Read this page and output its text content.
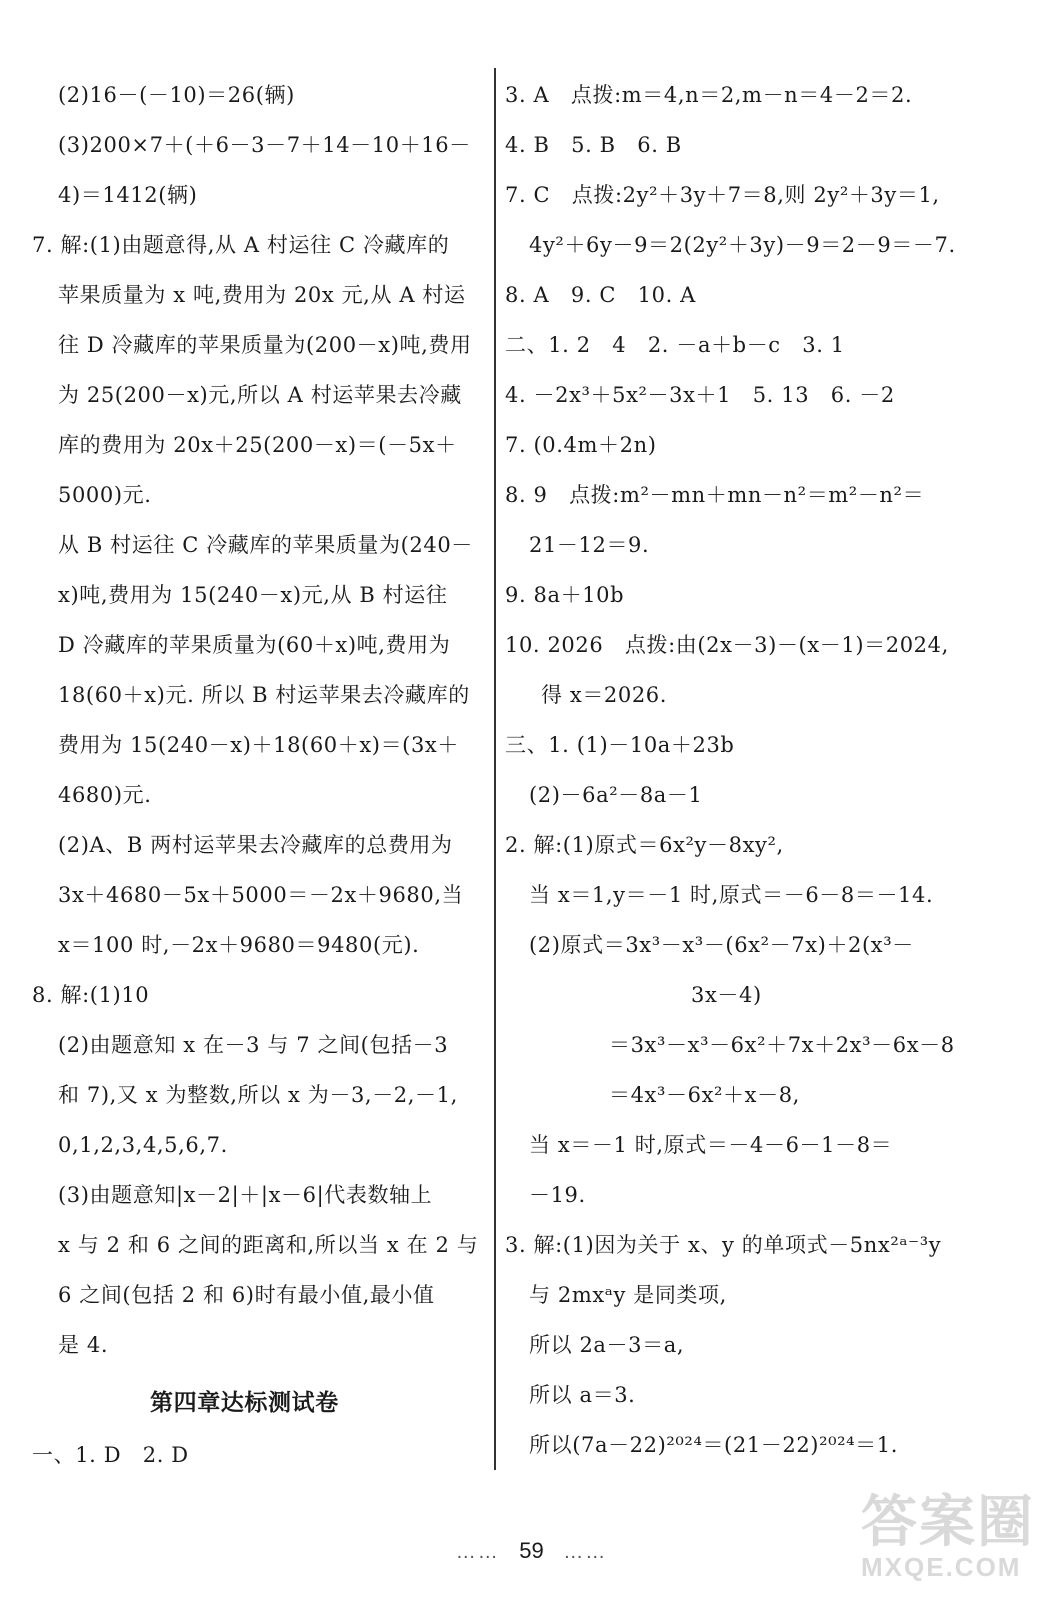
(2)16－(－10)＝26(辆)
(3)200×7＋(＋6－3－7＋14－10＋16－
4)＝1412(辆)
7. 解:(1)由题意得,从 A 村运往 C 冷藏库的
苹果质量为 x 吨,费用为 20x 元,从 A 村运
往 D 冷藏库的苹果质量为(200－x)吨,费用
为 25(200－x)元,所以 A 村运苹果去冷藏
库的费用为 20x＋25(200－x)＝(－5x＋
5000)元.
从 B 村运往 C 冷藏库的苹果质量为(240－
x)吨,费用为 15(240－x)元,从 B 村运往
D 冷藏库的苹果质量为(60＋x)吨,费用为
18(60＋x)元. 所以 B 村运苹果去冷藏库的
费用为 15(240－x)＋18(60＋x)＝(3x＋
4680)元.
(2)A、B 两村运苹果去冷藏库的总费用为
3x＋4680－5x＋5000＝－2x＋9680,当
x＝100 时,－2x＋9680＝9480(元).
8. 解:(1)10
(2)由题意知 x 在－3 与 7 之间(包括－3
和 7),又 x 为整数,所以 x 为－3,－2,－1,
0,1,2,3,4,5,6,7.
(3)由题意知|x－2|＋|x－6|代表数轴上
x 与 2 和 6 之间的距离和,所以当 x 在 2 与
6 之间(包括 2 和 6)时有最小值,最小值
是 4.
第四章达标测试卷
一、1. D　2. D
3. A　点拨:m＝4,n＝2,m－n＝4－2＝2.
4. B　5. B　6. B
7. C　点拨:2y²＋3y＋7＝8,则 2y²＋3y＝1,
4y²＋6y－9＝2(2y²＋3y)－9＝2－9＝－7.
8. A　9. C　10. A
二、1. 2　4　2. －a＋b－c　3. 1
4. －2x³＋5x²－3x＋1　5. 13　6. －2
7. (0.4m＋2n)
8. 9　点拨:m²－mn＋mn－n²＝m²－n²＝
21－12＝9.
9. 8a＋10b
10. 2026　点拨:由(2x－3)－(x－1)＝2024,
得 x＝2026.
三、1. (1)－10a＋23b
(2)－6a²－8a－1
2. 解:(1)原式＝6x²y－8xy²,
当 x＝1,y＝－1 时,原式＝－6－8＝－14.
(2)原式＝3x³－x³－(6x²－7x)＋2(x³－
3x－4)
＝3x³－x³－6x²＋7x＋2x³－6x－8
＝4x³－6x²＋x－8,
当 x＝－1 时,原式＝－4－6－1－8＝
－19.
3. 解:(1)因为关于 x、y 的单项式－5nx²ᵃ⁻³y
与 2mxᵃy 是同类项,
所以 2a－3＝a,
所以 a＝3.
所以(7a－22)²⁰²⁴＝(21－22)²⁰²⁴＝1.
…… 59 ……	答案圈
MXQE.COM
